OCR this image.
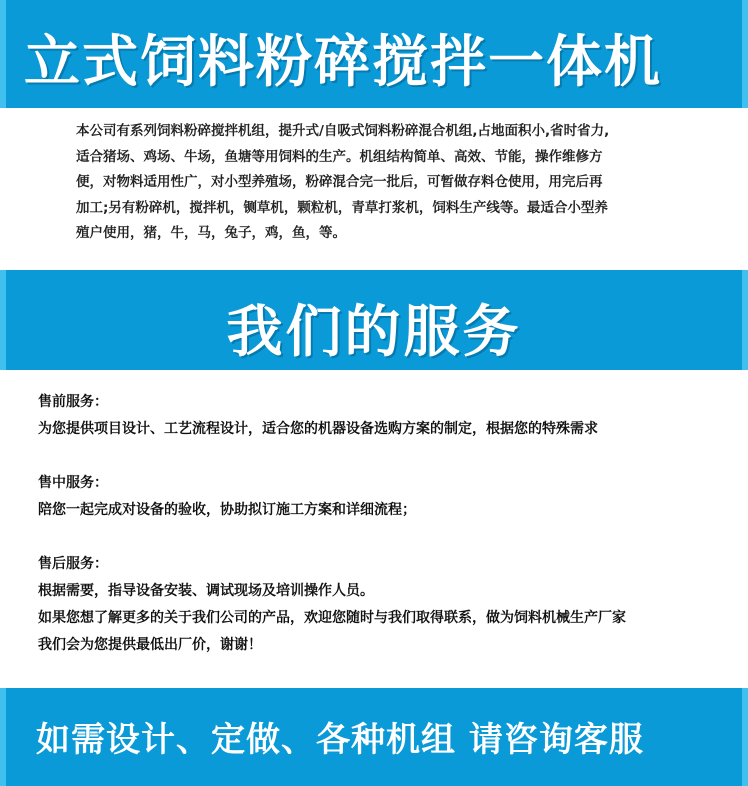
立式饲料粉碎搅拌一体机
本公司有系列饲料粉碎搅拌机组，提升式/自吸式饲料粉碎混合机组,占地面积小,省时省力,
适合猪场、鸡场、牛场，鱼塘等用饲料的生产。机组结构简单、高效、节能，操作维修方
便，对物料适用性广，对小型养殖场，粉碎混合完一批后，可暂做存料仓使用，用完后再
加工;另有粉碎机，搅拌机，铡草机，颗粒机，青草打浆机，饲料生产线等。最适合小型养
殖户使用，猪，牛，马，兔子，鸡，鱼，等。
我们的服务
售前服务：
为您提供项目设计、工艺流程设计，适合您的机器设备选购方案的制定，根据您的特殊需求
售中服务：
陪您一起完成对设备的验收，协助拟订施工方案和详细流程；
售后服务：
根据需要，指导设备安装、调试现场及培训操作人员。
如果您想了解更多的关于我们公司的产品，欢迎您随时与我们取得联系，做为饲料机械生产厂家
我们会为您提供最低出厂价，谢谢！
如需设计、定做、各种机组 请咨询客服
